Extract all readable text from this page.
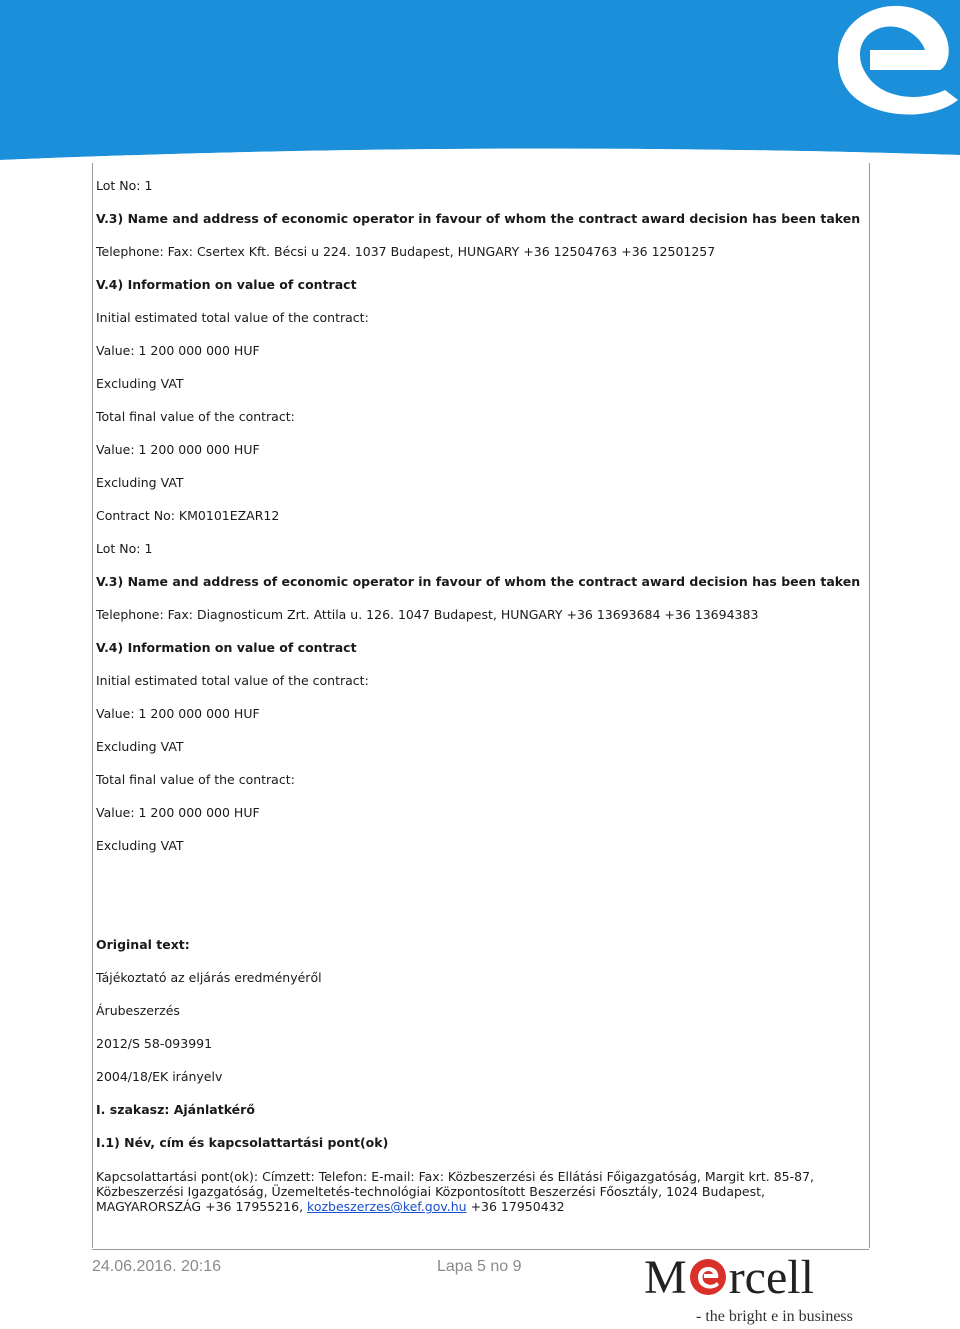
Lot No: 1
V.3) Name and address of economic operator in favour of whom the contract award decision has been taken
Telephone: Fax: Csertex Kft. Bécsi u 224. 1037 Budapest, HUNGARY +36 12504763 +36 12501257
V.4) Information on value of contract
Initial estimated total value of the contract:
Value: 1 200 000 000 HUF
Excluding VAT
Total final value of the contract:
Value: 1 200 000 000 HUF
Excluding VAT
Contract No: KM0101EZAR12
Lot No: 1
V.3) Name and address of economic operator in favour of whom the contract award decision has been taken
Telephone: Fax: Diagnosticum Zrt. Attila u. 126. 1047 Budapest, HUNGARY +36 13693684 +36 13694383
V.4) Information on value of contract
Initial estimated total value of the contract:
Value: 1 200 000 000 HUF
Excluding VAT
Total final value of the contract:
Value: 1 200 000 000 HUF
Excluding VAT
Original text:
Tájékoztató az eljárás eredményéről
Árubeszerzés
2012/S 58-093991
2004/18/EK irányelv
I. szakasz: Ajánlatkérő
I.1) Név, cím és kapcsolattartási pont(ok)
Kapcsolattartási pont(ok): Címzett: Telefon: E-mail: Fax: Közbeszerzési és Ellátási Főigazgatóság, Margit krt. 85-87, Közbeszerzési Igazgatóság, Üzemeltetés-technológiai Központosított Beszerzési Főosztály, 1024 Budapest, MAGYARORSZÁG +36 17955216, kozbeszerzes@kef.gov.hu +36 17950432
24.06.2016. 20:16	Lapa 5 no 9	M rcell
- the bright e in business
